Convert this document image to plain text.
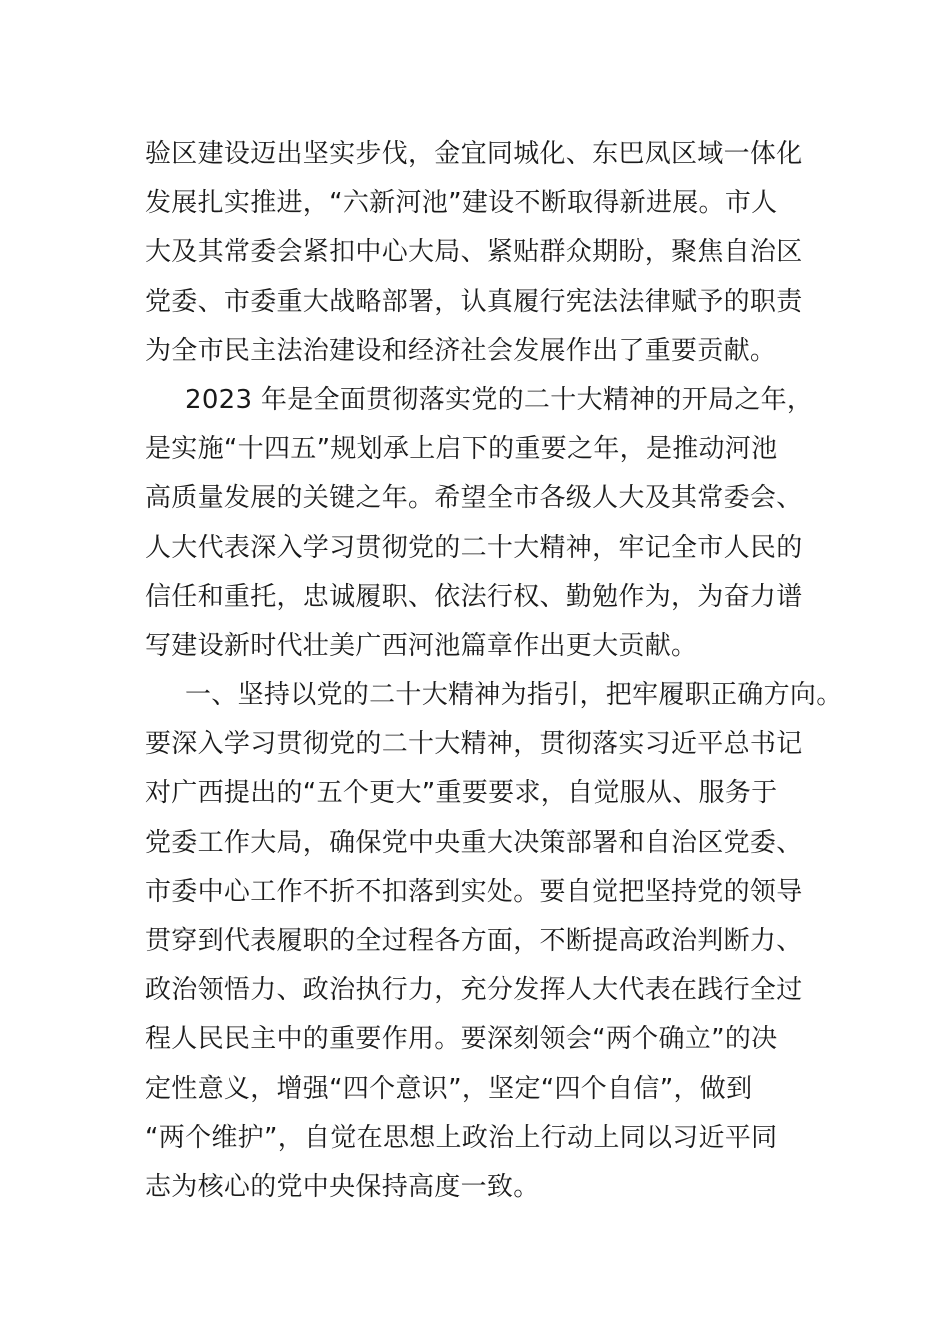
验区建设迈出坚实步伐，金宜同城化、东巴凤区域一体化
发展扎实推进，“六新河池”建设不断取得新进展。市人
大及其常委会紧扣中心大局、紧贴群众期盼，聚焦自治区
党委、市委重大战略部署，认真履行宪法法律赋予的职责
为全市民主法治建设和经济社会发展作出了重要贡献。
2023 年是全面贯彻落实党的二十大精神的开局之年，
是实施“十四五”规划承上启下的重要之年，是推动河池
高质量发展的关键之年。希望全市各级人大及其常委会、
人大代表深入学习贯彻党的二十大精神，牢记全市人民的
信任和重托，忠诚履职、依法行权、勤勉作为，为奋力谱
写建设新时代壮美广西河池篇章作出更大贡献。
一、坚持以党的二十大精神为指引，把牢履职正确方向。
要深入学习贯彻党的二十大精神，贯彻落实习近平总书记
对广西提出的“五个更大”重要要求，自觉服从、服务于
党委工作大局，确保党中央重大决策部署和自治区党委、
市委中心工作不折不扣落到实处。要自觉把坚持党的领导
贯穿到代表履职的全过程各方面，不断提高政治判断力、
政治领悟力、政治执行力，充分发挥人大代表在践行全过
程人民民主中的重要作用。要深刻领会“两个确立”的决
定性意义，增强“四个意识”，坚定“四个自信”，做到
“两个维护”，自觉在思想上政治上行动上同以习近平同
志为核心的党中央保持高度一致。
